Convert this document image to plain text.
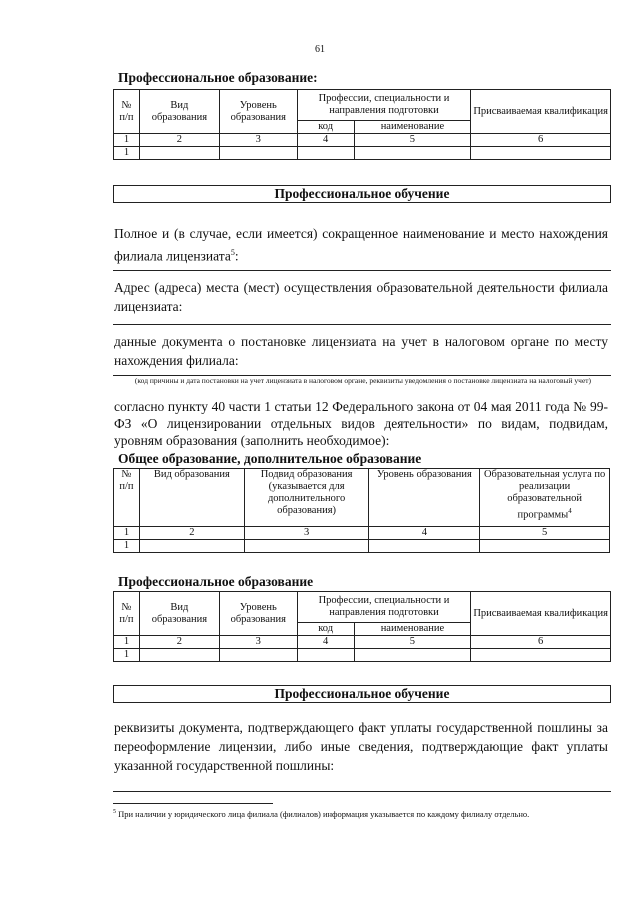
61
Профессиональное образование:
№ п/п	Вид образования	Уровень образования	Профессии, специальности и направления подготовки		Присваиваемая квалификация
			код	наименование	
1	2	3	4	5	6
1					
Профессиональное обучение
Полное и (в случае, если имеется) сокращенное наименование и место нахождения филиала лицензиата$^5$:
Адрес (адреса) места (мест) осуществления образовательной деятельности филиала лицензиата:
данные документа о постановке лицензиата на учет в налоговом органе по месту нахождения филиала:
(код причины и дата постановки на учет лицензиата в налоговом органе, реквизиты уведомления о постановке лицензиата на налоговый учет)
согласно пункту 40 части 1 статьи 12 Федерального закона от 04 мая 2011 года № 99-ФЗ «О лицензировании отдельных видов деятельности» по видам, подвидам, уровням образования (заполнить необходимое):
Общее образование, дополнительное образование
№ п/п	Вид образования	Подвид образования (указывается для дополнительного образования)	Уровень образования	Образовательная услуга по реализации образовательной программы$^4$
1	2	3	4	5
1				
Профессиональное образование
№ п/п	Вид образования	Уровень образования	Профессии, специальности и направления подготовки		Присваиваемая квалификация
			код	наименование	
1	2	3	4	5	6
1					
Профессиональное обучение
реквизиты документа, подтверждающего факт уплаты государственной пошлины за переоформление лицензии, либо иные сведения, подтверждающие факт уплаты указанной государственной пошлины:
$^5$ При наличии у юридического лица филиала (филиалов) информация указывается по каждому филиалу отдельно.
